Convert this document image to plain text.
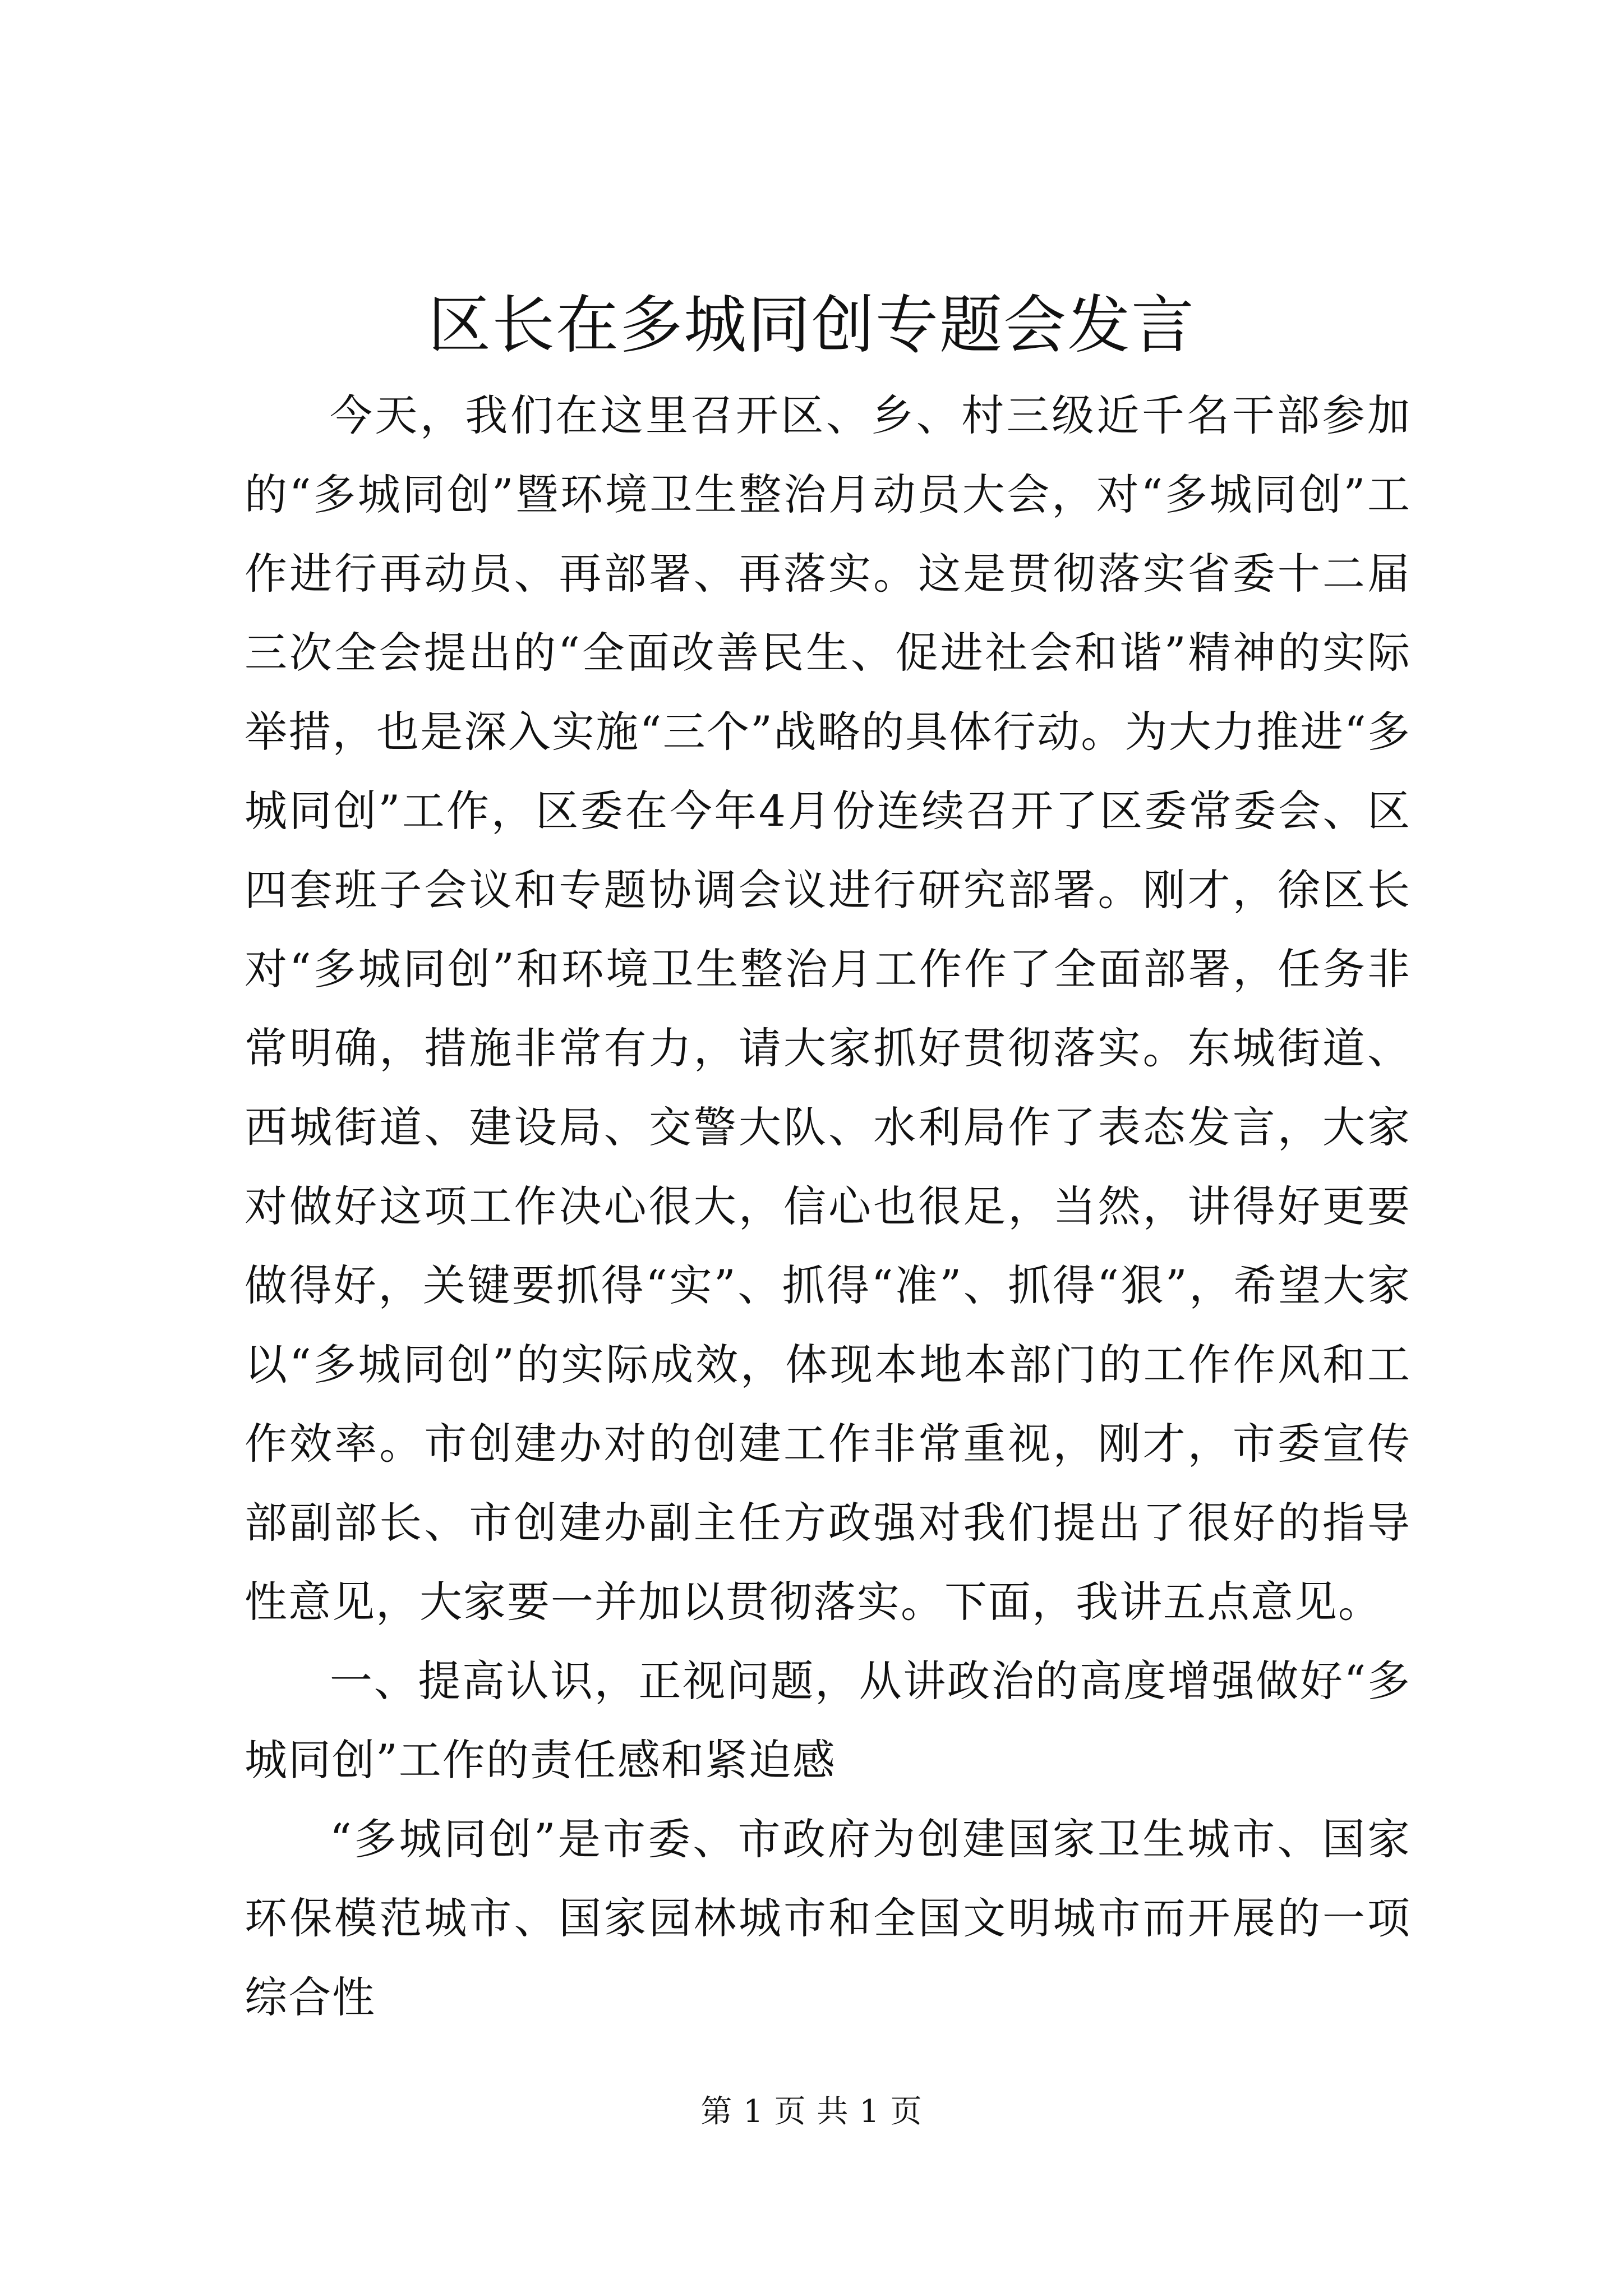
区长在多城同创专题会发言

今天，我们在这里召开区、乡、村三级近千名干部参加的“多城同创”暨环境卫生整治月动员大会，对“多城同创”工作进行再动员、再部署、再落实。这是贯彻落实省委十二届三次全会提出的“全面改善民生、促进社会和谐”精神的实际举措，也是深入实施“三个”战略的具体行动。为大力推进“多城同创”工作，区委在今年4月份连续召开了区委常委会、区四套班子会议和专题协调会议进行研究部署。刚才，徐区长对“多城同创”和环境卫生整治月工作作了全面部署，任务非常明确，措施非常有力，请大家抓好贯彻落实。东城街道、西城街道、建设局、交警大队、水利局作了表态发言，大家对做好这项工作决心很大，信心也很足，当然，讲得好更要做得好，关键要抓得“实”、抓得“准”、抓得“狠”，希望大家以“多城同创”的实际成效，体现本地本部门的工作作风和工作效率。市创建办对的创建工作非常重视，刚才，市委宣传部副部长、市创建办副主任方政强对我们提出了很好的指导性意见，大家要一并加以贯彻落实。下面，我讲五点意见。

一、提高认识，正视问题，从讲政治的高度增强做好“多城同创”工作的责任感和紧迫感

“多城同创”是市委、市政府为创建国家卫生城市、国家环保模范城市、国家园林城市和全国文明城市而开展的一项综合性

第 1 页 共 1 页
